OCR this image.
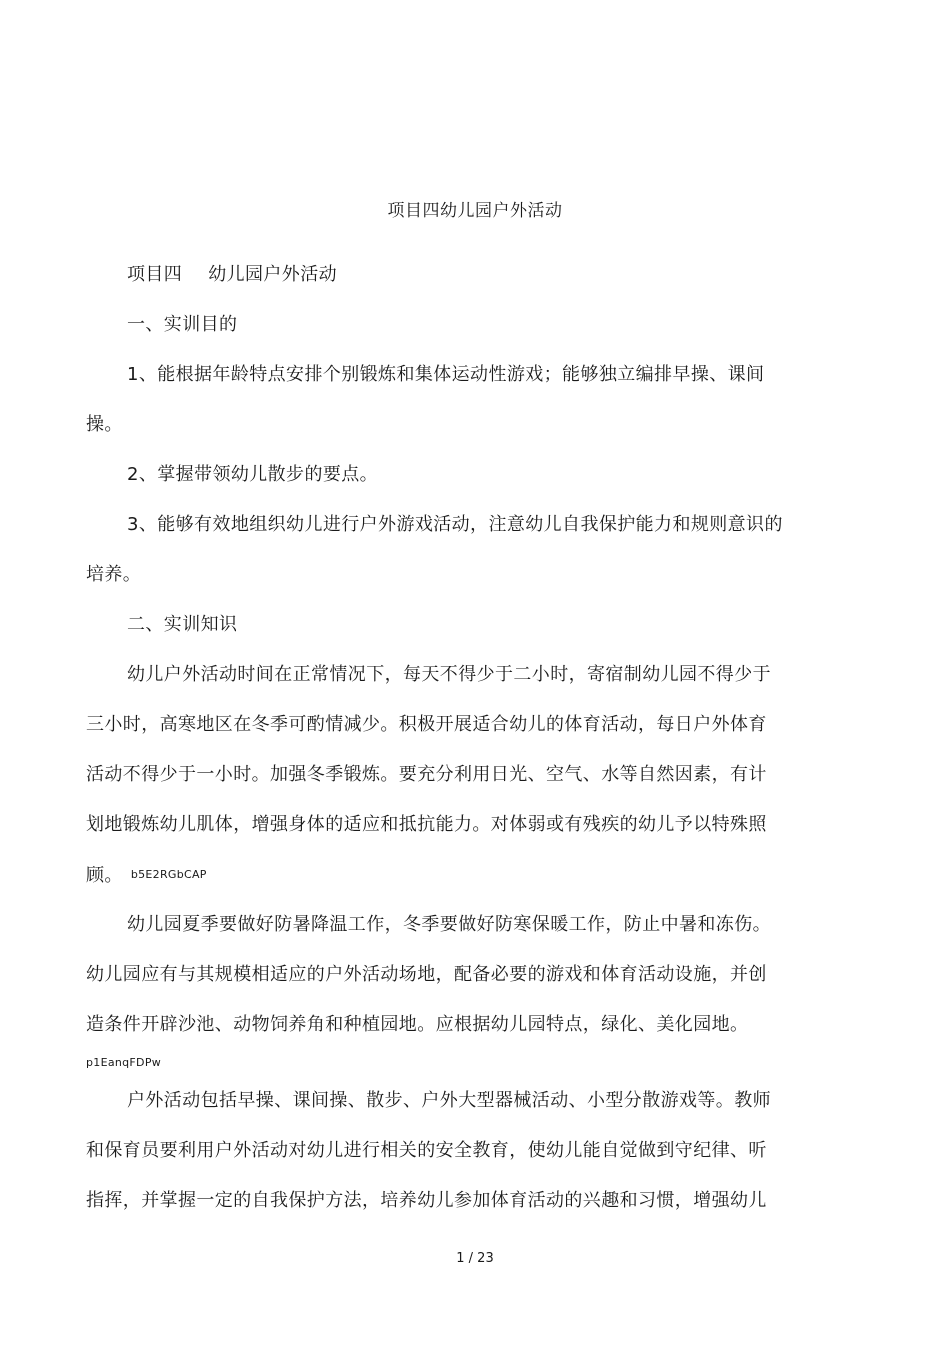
项目四幼儿园户外活动
项目四 幼儿园户外活动
一、实训目的
1、能根据年龄特点安排个别锻炼和集体运动性游戏；能够独立编排早操、课间
操。
2、掌握带领幼儿散步的要点。
3、能够有效地组织幼儿进行户外游戏活动，注意幼儿自我保护能力和规则意识的
培养。
二、实训知识
幼儿户外活动时间在正常情况下，每天不得少于二小时，寄宿制幼儿园不得少于
三小时，高寒地区在冬季可酌情减少。积极开展适合幼儿的体育活动，每日户外体育
活动不得少于一小时。加强冬季锻炼。要充分利用日光、空气、水等自然因素，有计
划地锻炼幼儿肌体，增强身体的适应和抵抗能力。对体弱或有残疾的幼儿予以特殊照
顾。 b5E2RGbCAP
幼儿园夏季要做好防暑降温工作，冬季要做好防寒保暖工作，防止中暑和冻伤。
幼儿园应有与其规模相适应的户外活动场地，配备必要的游戏和体育活动设施，并创
造条件开辟沙池、动物饲养角和种植园地。应根据幼儿园特点，绿化、美化园地。
p1EanqFDPw
户外活动包括早操、课间操、散步、户外大型器械活动、小型分散游戏等。教师
和保育员要利用户外活动对幼儿进行相关的安全教育，使幼儿能自觉做到守纪律、听
指挥，并掌握一定的自我保护方法，培养幼儿参加体育活动的兴趣和习惯，增强幼儿
1 / 23
